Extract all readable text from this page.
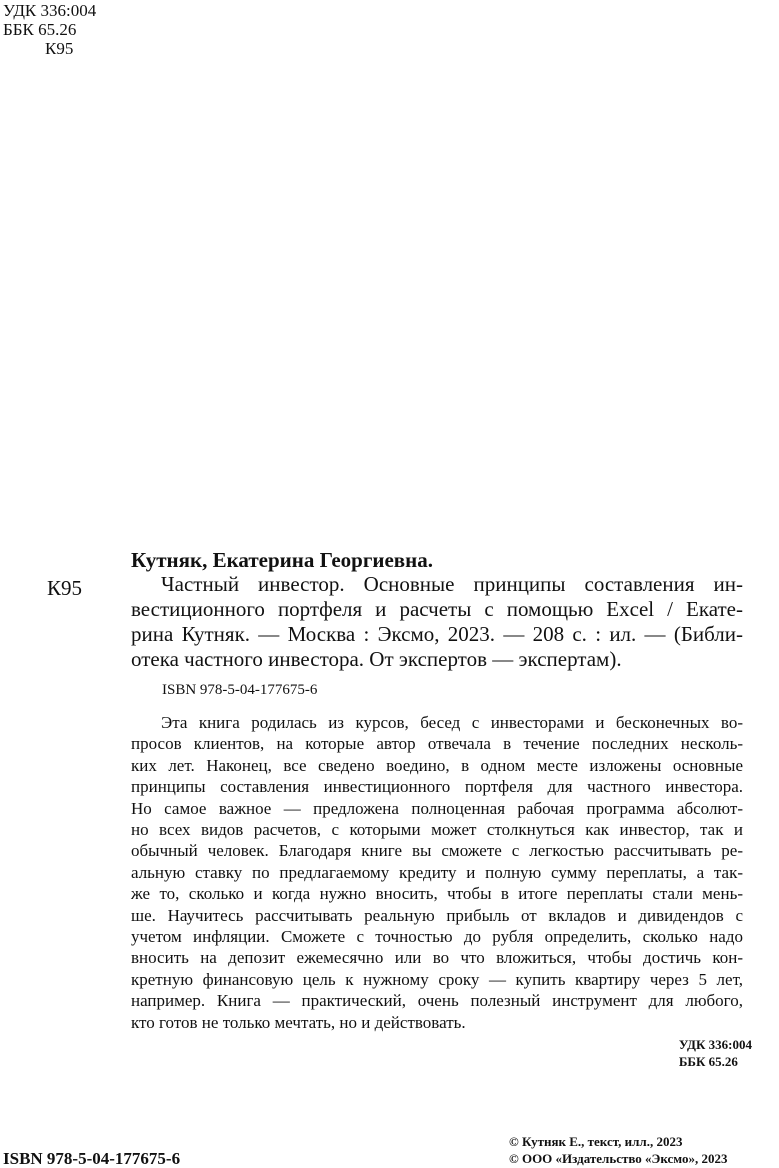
УДК 336:004
ББК 65.26
К95
Кутняк, Екатерина Георгиевна.
К95	Частный инвестор. Основные принципы составления ин-
вестиционного портфеля и расчеты с помощью Excel / Екате-
рина Кутняк. — Москва : Эксмо, 2023. — 208 с. : ил. — (Библи-
отека частного инвестора. От экспертов — экспертам).
ISBN 978-5-04-177675-6
Эта книга родилась из курсов, бесед с инвесторами и бесконечных во-
просов клиентов, на которые автор отвечала в течение последних несколь-
ких лет. Наконец, все сведено воедино, в одном месте изложены основные
принципы составления инвестиционного портфеля для частного инвестора.
Но самое важное — предложена полноценная рабочая программа абсолют-
но всех видов расчетов, с которыми может столкнуться как инвестор, так и
обычный человек. Благодаря книге вы сможете с легкостью рассчитывать ре-
альную ставку по предлагаемому кредиту и полную сумму переплаты, а так-
же то, сколько и когда нужно вносить, чтобы в итоге переплаты стали мень-
ше. Научитесь рассчитывать реальную прибыль от вкладов и дивидендов с
учетом инфляции. Сможете с точностью до рубля определить, сколько надо
вносить на депозит ежемесячно или во что вложиться, чтобы достичь кон-
кретную финансовую цель к нужному сроку — купить квартиру через 5 лет,
например. Книга — практический, очень полезный инструмент для любого,
кто готов не только мечтать, но и действовать.
УДК 336:004
ББК 65.26
© Кутняк Е., текст, илл., 2023
© ООО «Издательство «Эксмо», 2023
ISBN 978-5-04-177675-6
